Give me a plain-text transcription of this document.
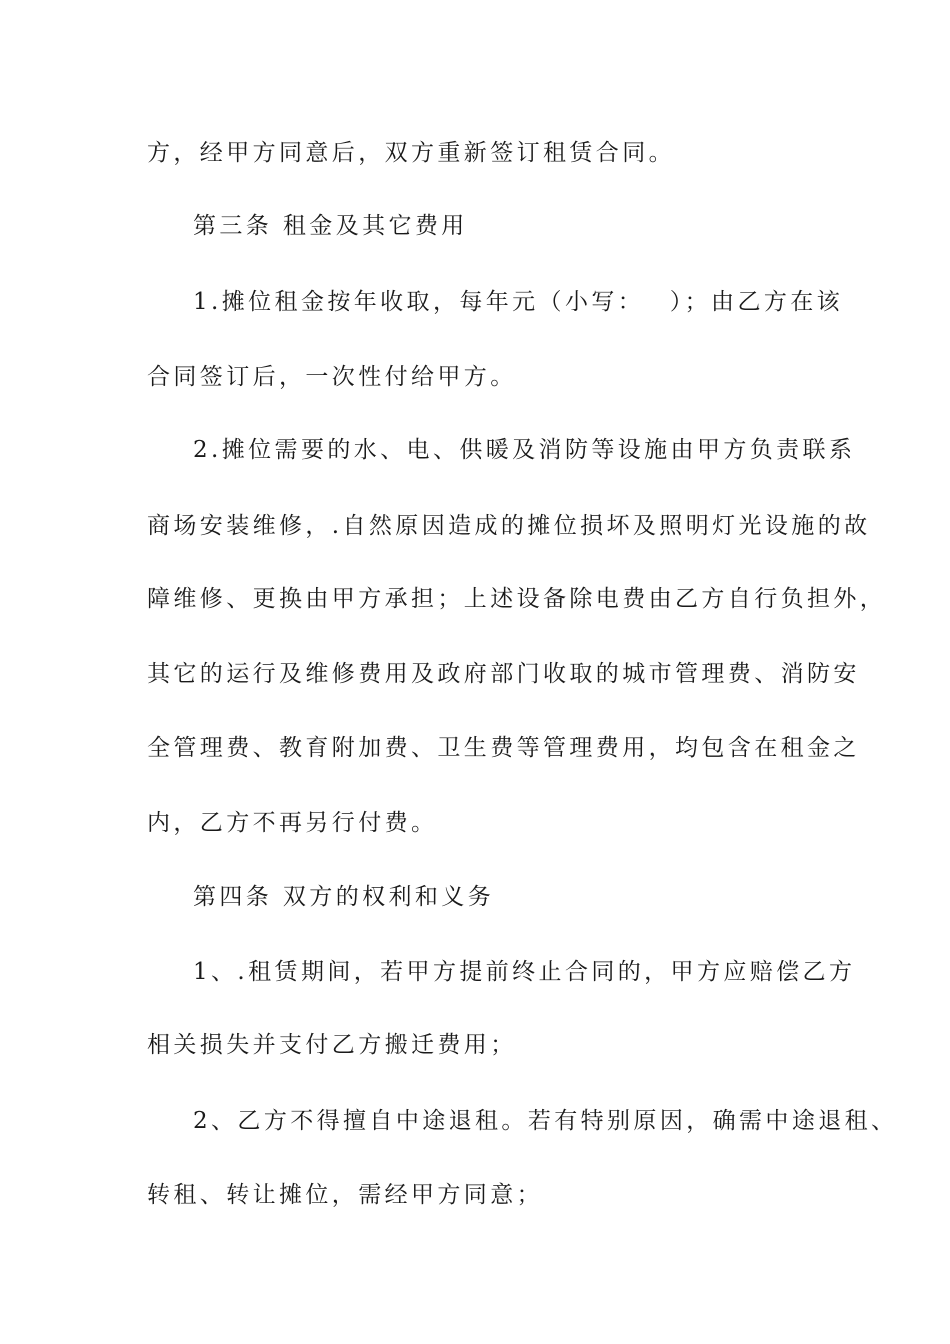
方，经甲方同意后，双方重新签订租赁合同。
第三条 租金及其它费用
1.摊位租金按年收取，每年元（小写：　 ）；由乙方在该
合同签订后，一次性付给甲方。
2.摊位需要的水、电、供暖及消防等设施由甲方负责联系
商场安装维修，.自然原因造成的摊位损坏及照明灯光设施的故
障维修、更换由甲方承担；上述设备除电费由乙方自行负担外，
其它的运行及维修费用及政府部门收取的城市管理费、消防安
全管理费、教育附加费、卫生费等管理费用，均包含在租金之
内，乙方不再另行付费。
第四条 双方的权利和义务
1、.租赁期间，若甲方提前终止合同的，甲方应赔偿乙方
相关损失并支付乙方搬迁费用；
2、乙方不得擅自中途退租。若有特别原因，确需中途退租、
转租、转让摊位，需经甲方同意；
